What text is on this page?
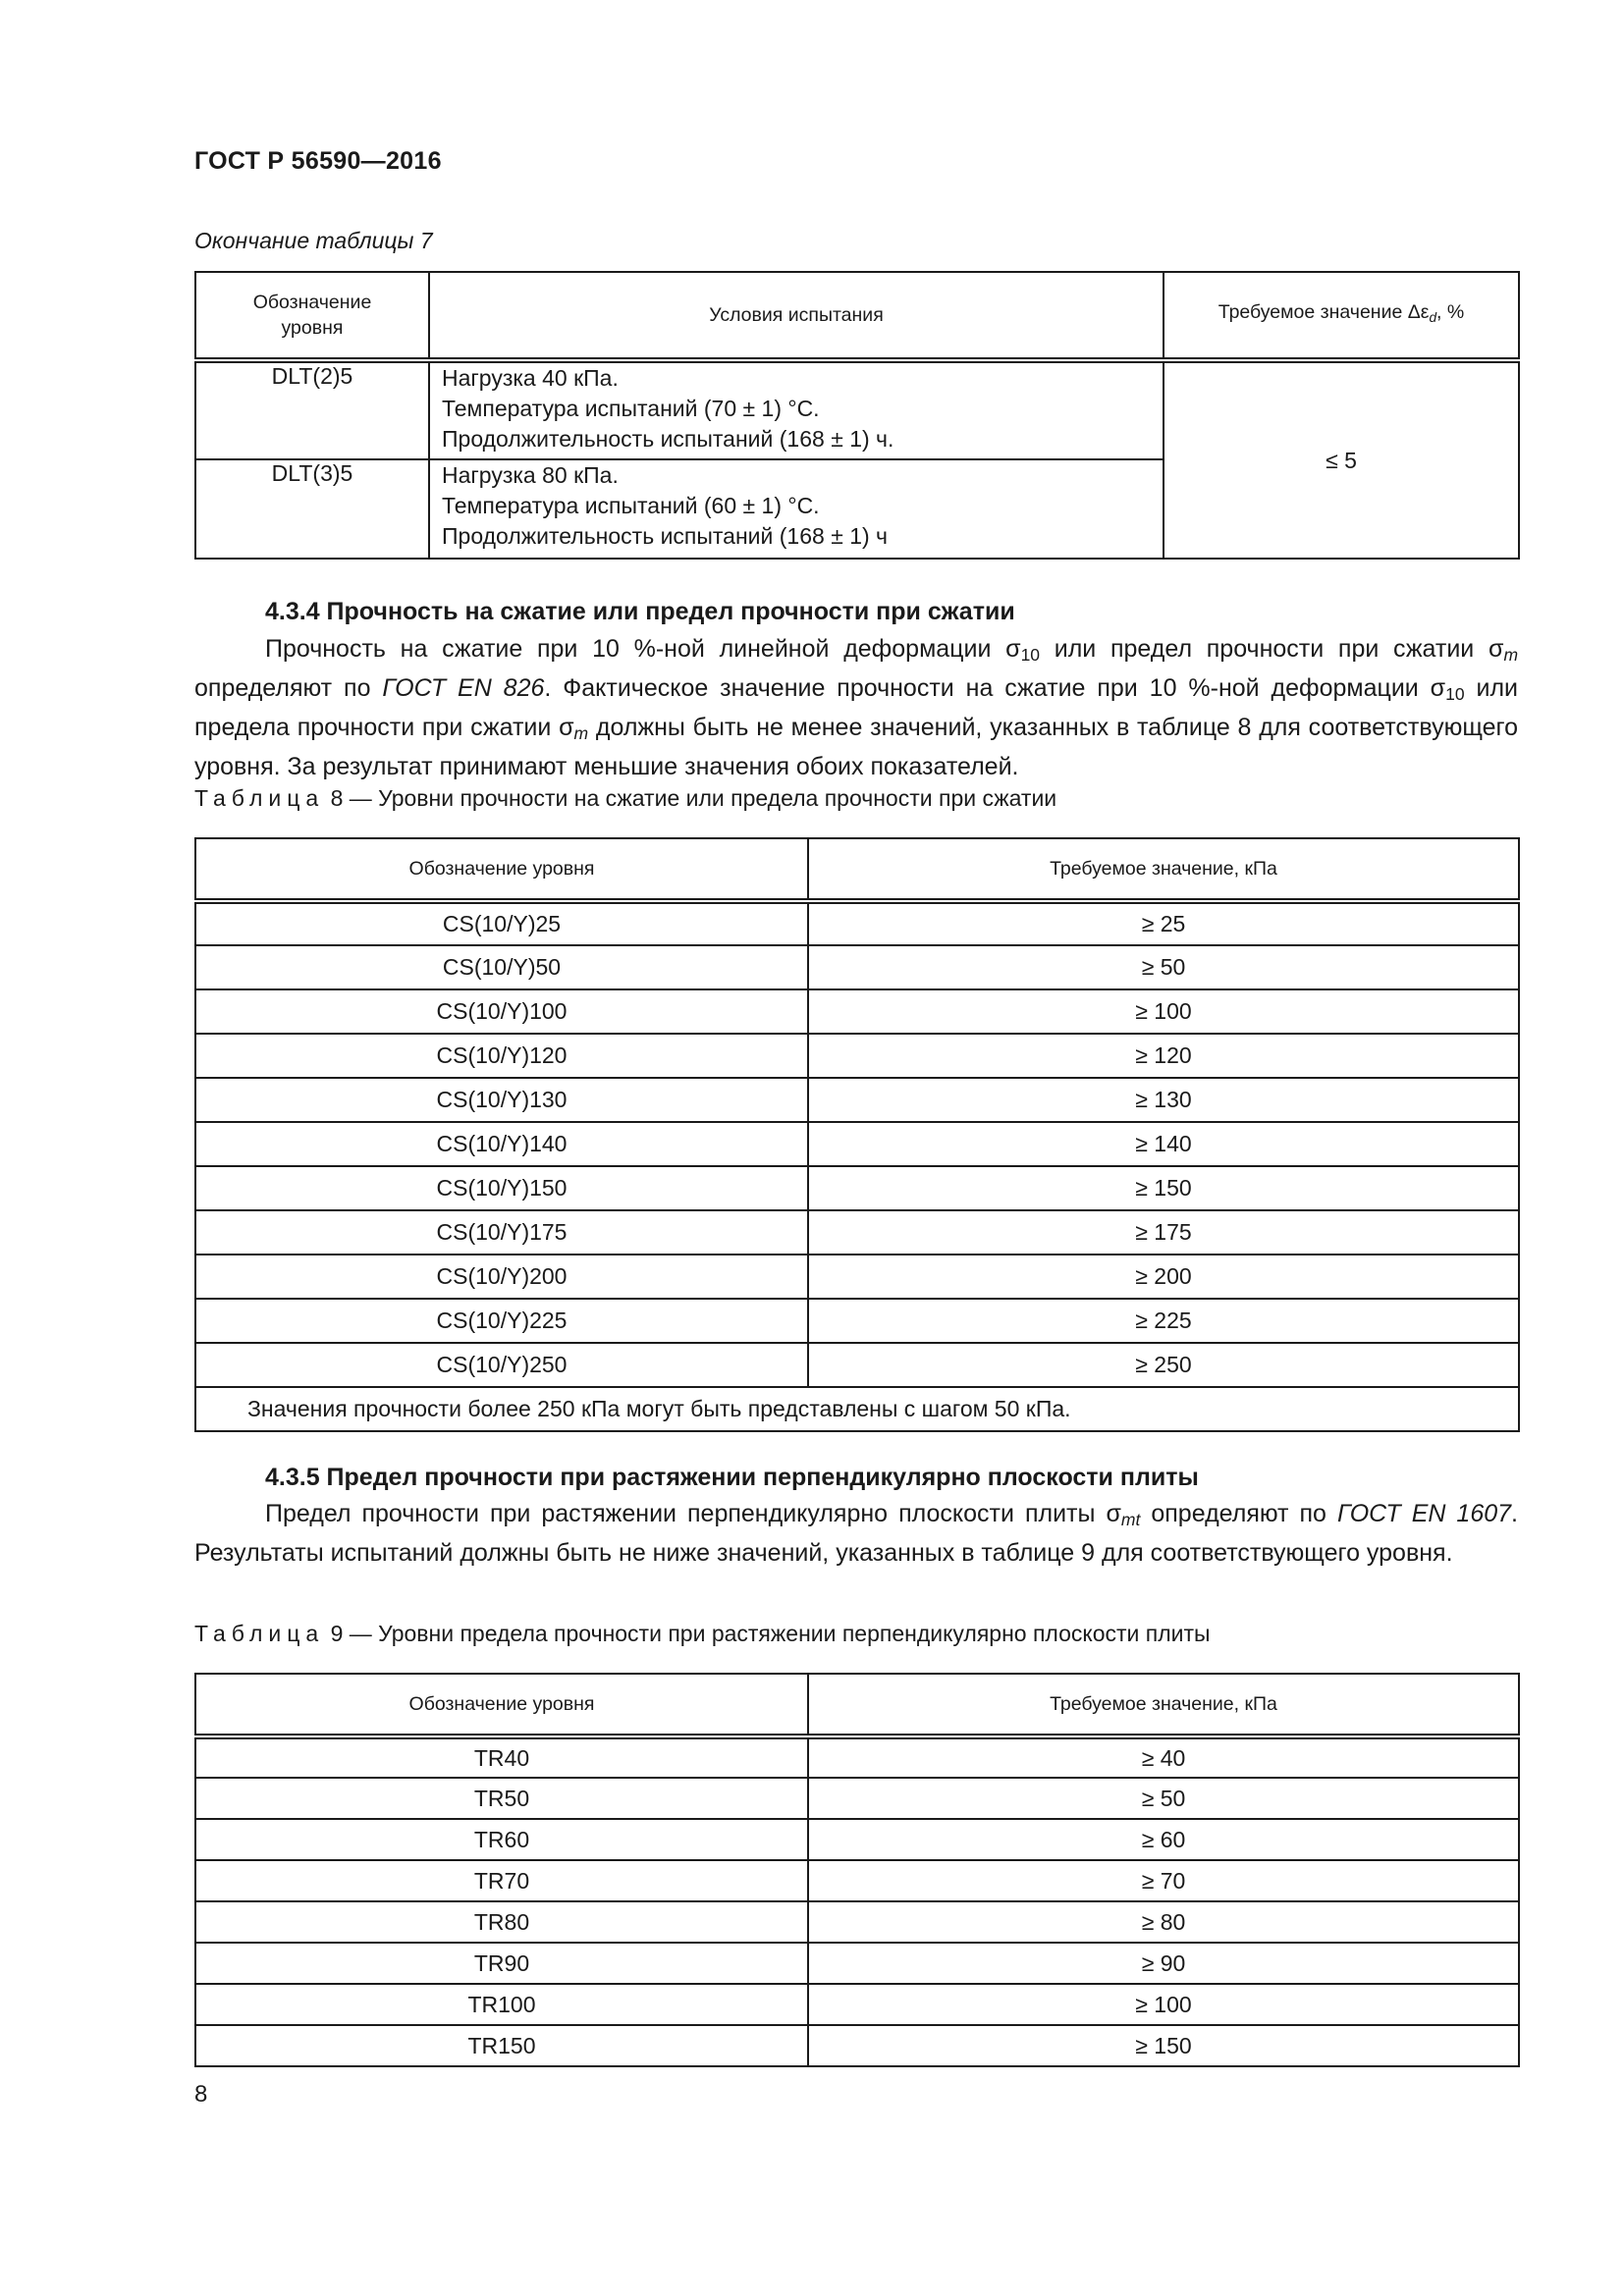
ГОСТ Р 56590—2016
Окончание таблицы 7
Обозначение уровня	Условия испытания	Требуемое значение $\Delta\varepsilon_d$, %
DLT(2)5	Нагрузка 40 кПа.
Температура испытаний (70 ± 1) °С.
Продолжительность испытаний (168 ± 1) ч.	≤ 5
DLT(3)5	Нагрузка 80 кПа.
Температура испытаний (60 ± 1) °С.
Продолжительность испытаний (168 ± 1) ч	
4.3.4 Прочность на сжатие или предел прочности при сжатии

Прочность на сжатие при 10 %-ной линейной деформации $\sigma_{10}$ или предел прочности при сжатии $\sigma_m$ определяют по ГОСТ EN 826. Фактическое значение прочности на сжатие при 10 %-ной деформации $\sigma_{10}$ или предела прочности при сжатии $\sigma_m$ должны быть не менее значений, указанных в таблице 8 для соответствующего уровня. За результат принимают меньшие значения обоих показателей.

Таблица 8 — Уровни прочности на сжатие или предела прочности при сжатии
Обозначение уровня	Требуемое значение, кПа
CS(10/Y)25	≥ 25
CS(10/Y)50	≥ 50
CS(10/Y)100	≥ 100
CS(10/Y)120	≥ 120
CS(10/Y)130	≥ 130
CS(10/Y)140	≥ 140
CS(10/Y)150	≥ 150
CS(10/Y)175	≥ 175
CS(10/Y)200	≥ 200
CS(10/Y)225	≥ 225
CS(10/Y)250	≥ 250
Значения прочности более 250 кПа могут быть представлены с шагом 50 кПа.	
4.3.5 Предел прочности при растяжении перпендикулярно плоскости плиты

Предел прочности при растяжении перпендикулярно плоскости плиты $\sigma_{mt}$ определяют по ГОСТ EN 1607. Результаты испытаний должны быть не ниже значений, указанных в таблице 9 для соответствующего уровня.

Таблица 9 — Уровни предела прочности при растяжении перпендикулярно плоскости плиты
Обозначение уровня	Требуемое значение, кПа
TR40	≥ 40
TR50	≥ 50
TR60	≥ 60
TR70	≥ 70
TR80	≥ 80
TR90	≥ 90
TR100	≥ 100
TR150	≥ 150
8
